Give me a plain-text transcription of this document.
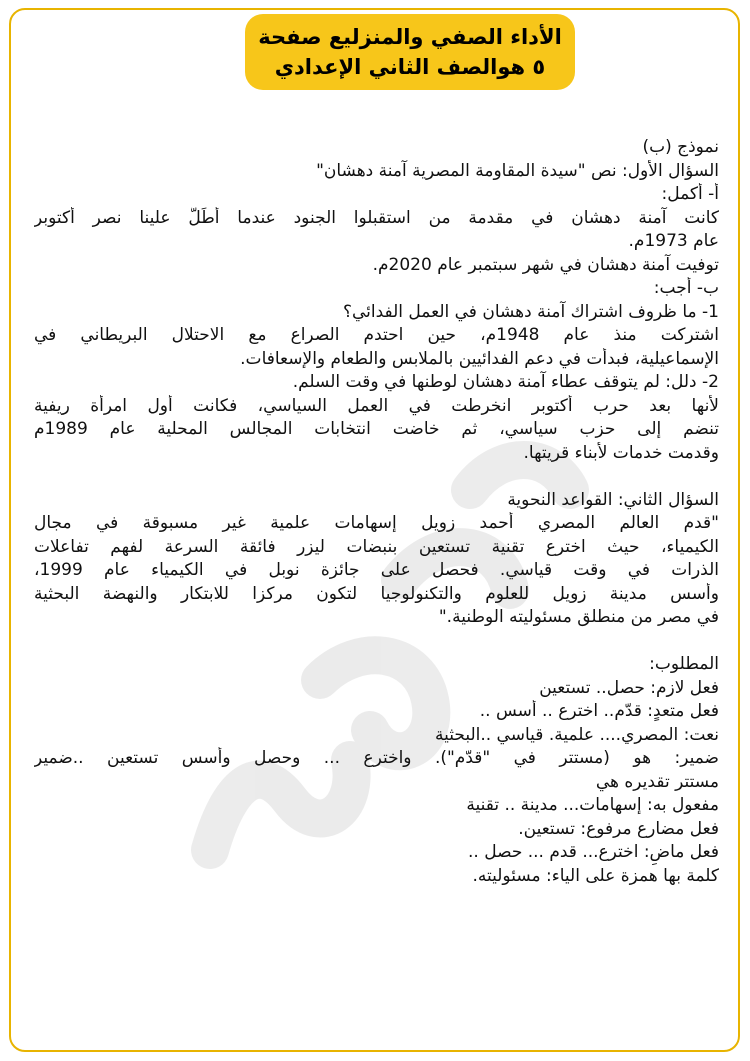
الأداء الصفي والمنزليع صفحة
٥ هوالصف الثاني الإعدادي
نموذج (ب)
السؤال الأول: نص "سيدة المقاومة المصرية آمنة دهشان"
أ- أكمل:
كانت آمنة دهشان في مقدمة من استقبلوا الجنود عندما أَطَلَّ علينا نصر أكتوبر
عام 1973م.
توفيت آمنة دهشان في شهر سبتمبر عام 2020م.
ب- أجب:
1- ما ظروف اشتراك آمنة دهشان في العمل الفدائي؟
اشتركت منذ عام 1948م، حين احتدم الصراع مع الاحتلال البريطاني في
الإسماعيلية، فبدأت في دعم الفدائيين بالملابس والطعام والإسعافات.
2- دلل: لم يتوقف عطاء آمنة دهشان لوطنها في وقت السلم.
لأنها بعد حرب أكتوبر انخرطت في العمل السياسي، فكانت أول امرأة ريفية
تنضم إلى حزب سياسي، ثم خاضت انتخابات المجالس المحلية عام 1989م
وقدمت خدمات لأبناء قريتها.
السؤال الثاني: القواعد النحوية
"قدم العالم المصري أحمد زويل إسهامات علمية غير مسبوقة في مجال
الكيمياء، حيث اخترع تقنية تستعين بنبضات ليزر فائقة السرعة لفهم تفاعلات
الذرات في وقت قياسي. فحصل على جائزة نوبل في الكيمياء عام 1999،
وأسس مدينة زويل للعلوم والتكنولوجيا لتكون مركزا للابتكار والنهضة البحثية
في مصر من منطلق مسئوليته الوطنية."
المطلوب:
فعل لازم: حصل.. تستعين
فعل متعدٍ: قدّم.. اخترع .. أسس ..
نعت: المصري.... علمية. قياسي ..البحثية
ضمير: هو (مستتر في "قدّم"). واخترع ... وحصل وأسس تستعين ..ضمير
مستتر تقديره هي
مفعول به: إسهامات... مدينة .. تقنية
فعل مضارع مرفوع: تستعين.
فعل ماضٍ: اخترع... قدم ... حصل ..
كلمة بها همزة على الياء: مسئوليته.
